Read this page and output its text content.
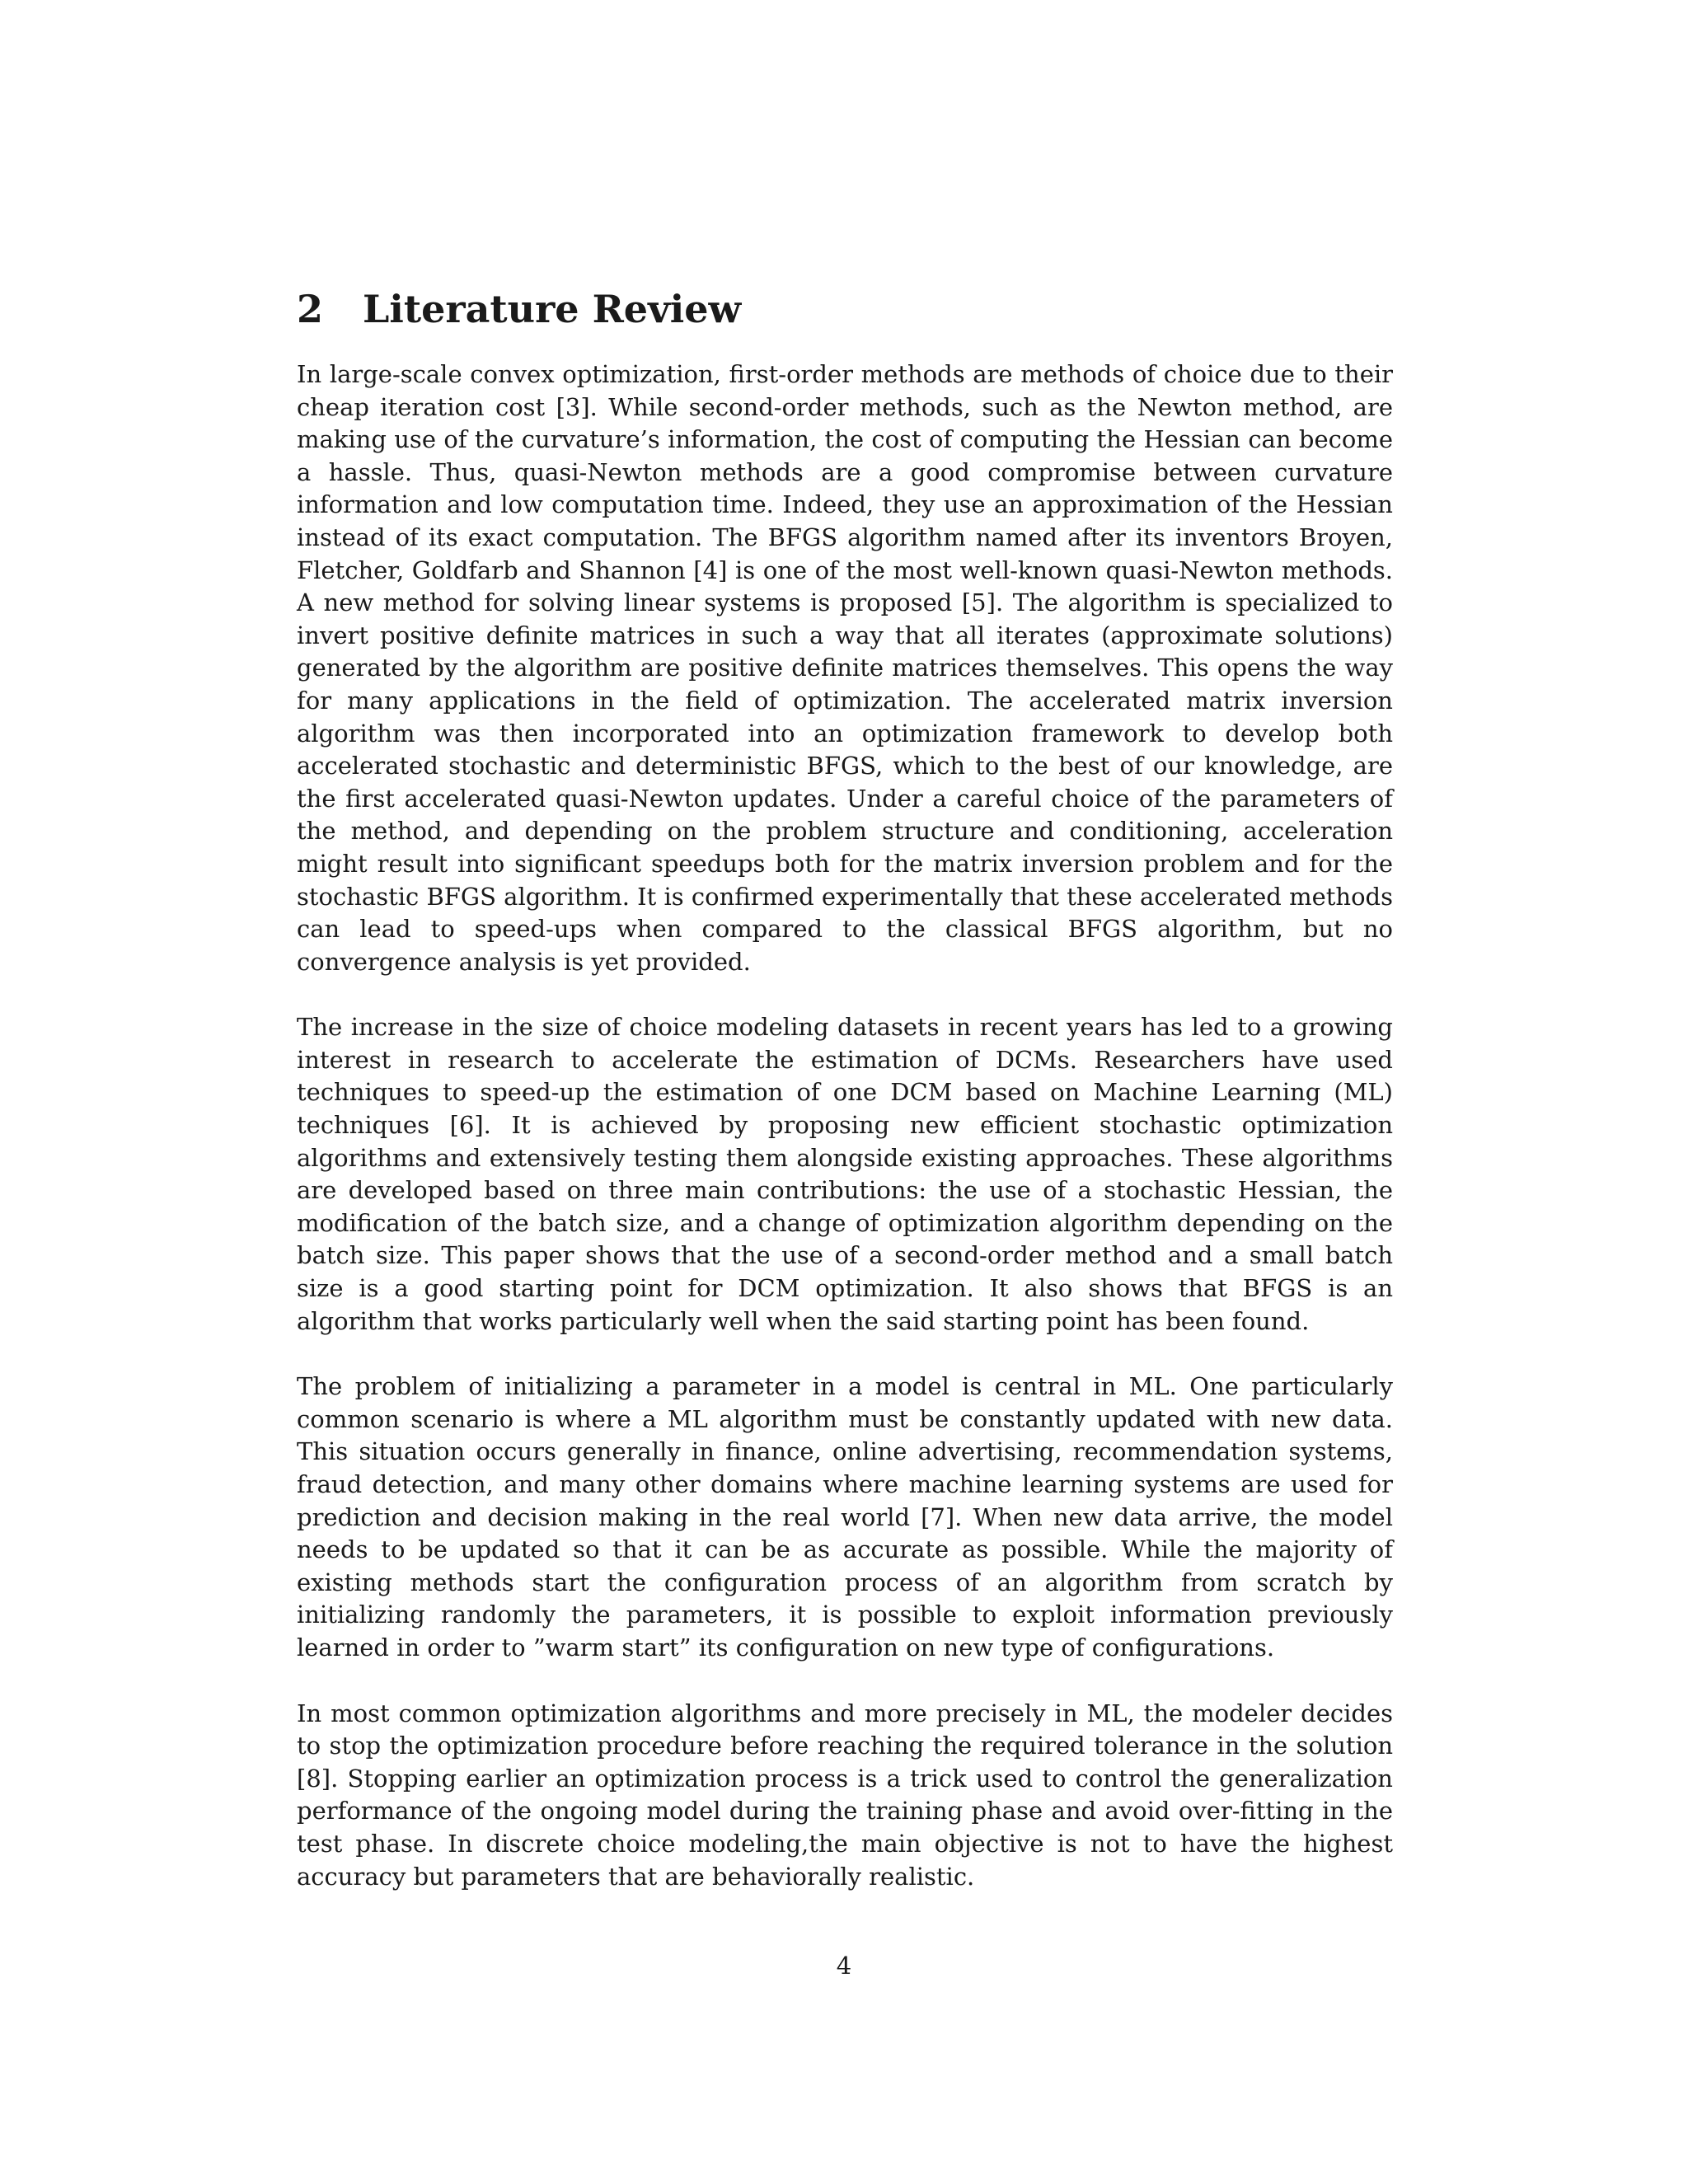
2 Literature Review

In large-scale convex optimization, first-order methods are methods of choice due to their cheap iteration cost [3]. While second-order methods, such as the Newton method, are making use of the curvature’s information, the cost of computing the Hessian can become a hassle. Thus, quasi-Newton methods are a good compromise between curvature information and low computation time. Indeed, they use an approximation of the Hessian instead of its exact computation. The BFGS algorithm named after its inventors Broyen, Fletcher, Goldfarb and Shannon [4] is one of the most well-known quasi-Newton methods. A new method for solving linear systems is proposed [5]. The algorithm is specialized to invert positive definite matrices in such a way that all iterates (approximate solutions) generated by the algorithm are positive definite matrices themselves. This opens the way for many applications in the field of optimization. The accelerated matrix inversion algorithm was then incorporated into an optimization framework to develop both accelerated stochastic and deterministic BFGS, which to the best of our knowledge, are the first accelerated quasi-Newton updates. Under a careful choice of the parameters of the method, and depending on the problem structure and conditioning, acceleration might result into significant speedups both for the matrix inversion problem and for the stochastic BFGS algorithm. It is confirmed experimentally that these accelerated methods can lead to speed-ups when compared to the classical BFGS algorithm, but no convergence analysis is yet provided.

The increase in the size of choice modeling datasets in recent years has led to a growing interest in research to accelerate the estimation of DCMs. Researchers have used techniques to speed-up the estimation of one DCM based on Machine Learning (ML) techniques [6]. It is achieved by proposing new efficient stochastic optimization algorithms and extensively testing them alongside existing approaches. These algorithms are developed based on three main contributions: the use of a stochastic Hessian, the modification of the batch size, and a change of optimization algorithm depending on the batch size. This paper shows that the use of a second-order method and a small batch size is a good starting point for DCM optimization. It also shows that BFGS is an algorithm that works particularly well when the said starting point has been found.

The problem of initializing a parameter in a model is central in ML. One particularly common scenario is where a ML algorithm must be constantly updated with new data. This situation occurs generally in finance, online advertising, recommendation systems, fraud detection, and many other domains where machine learning systems are used for prediction and decision making in the real world [7]. When new data arrive, the model needs to be updated so that it can be as accurate as possible. While the majority of existing methods start the configuration process of an algorithm from scratch by initializing randomly the parameters, it is possible to exploit information previously learned in order to ”warm start” its configuration on new type of configurations.

In most common optimization algorithms and more precisely in ML, the modeler decides to stop the optimization procedure before reaching the required tolerance in the solution [8]. Stopping earlier an optimization process is a trick used to control the generalization performance of the ongoing model during the training phase and avoid over-fitting in the test phase. In discrete choice modeling,the main objective is not to have the highest accuracy but parameters that are behaviorally realistic.

4
